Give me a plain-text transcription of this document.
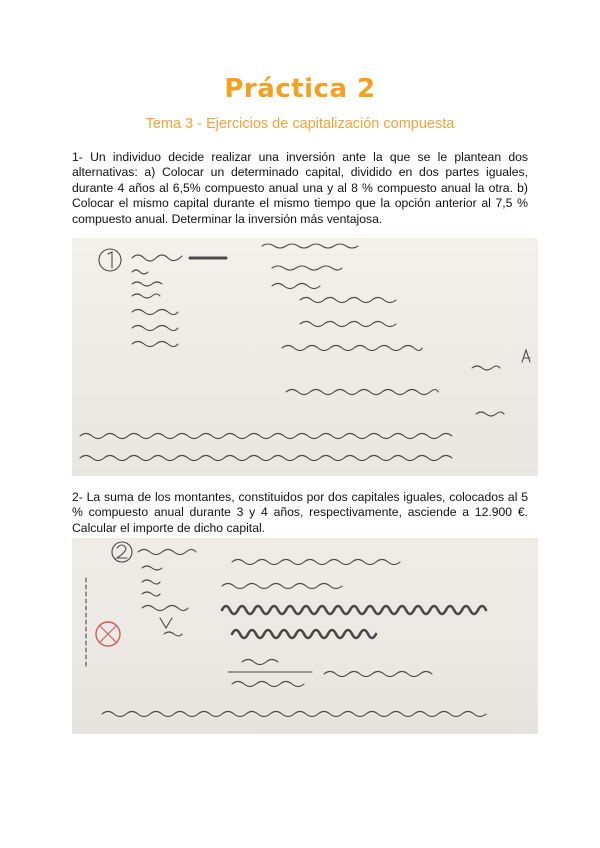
Práctica 2
Tema 3 - Ejercicios de capitalización compuesta
1- Un individuo decide realizar una inversión ante la que se le plantean dos alternativas: a) Colocar un determinado capital, dividido en dos partes iguales, durante 4 años al 6,5% compuesto anual una y al 8 % compuesto anual la otra. b) Colocar el mismo capital durante el mismo tiempo que la opción anterior al 7,5 % compuesto anual. Determinar la inversión más ventajosa.
2- La suma de los montantes, constituidos por dos capitales iguales, colocados al 5 % compuesto anual durante 3 y 4 años, respectivamente, asciende a 12.900 €. Calcular el importe de dicho capital.
